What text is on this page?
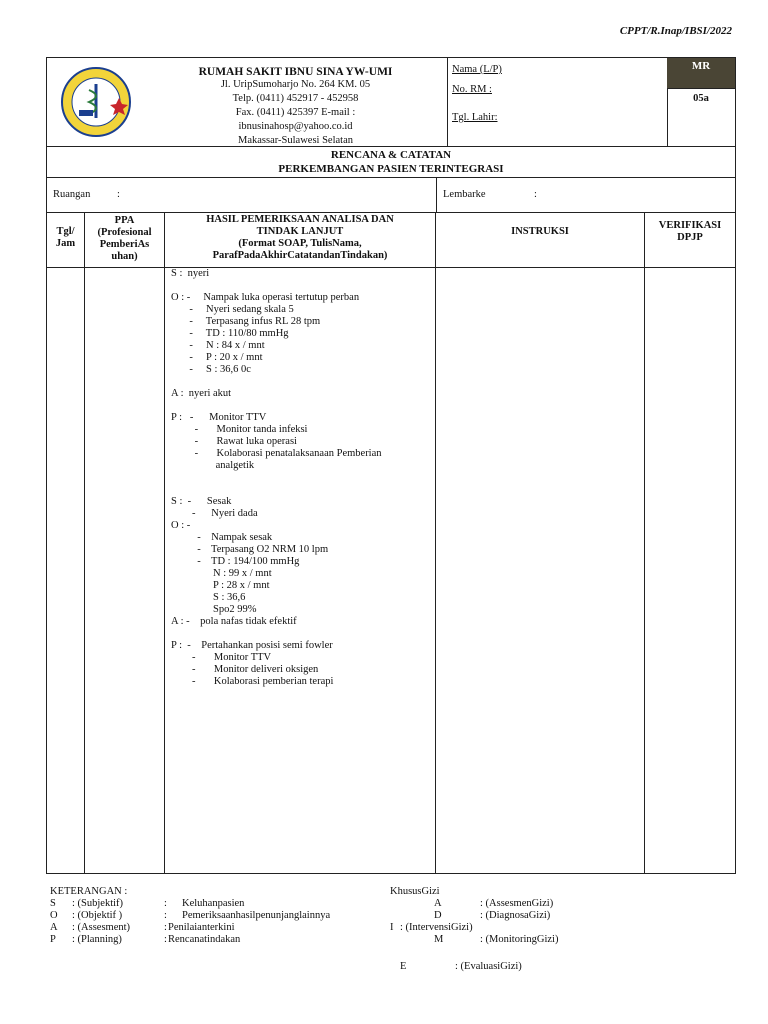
CPPT/R.Inap/IBSI/2022
RUMAH SAKIT IBNU SINA YW-UMI
Jl. UripSumoharjo No. 264 KM. 05
Telp. (0411) 452917 - 452958
Fax. (0411) 425397 E-mail :
ibnusinahosp@yahoo.co.id
Makassar-Sulawesi Selatan
Nama (L/P)
No. RM :
Tgl. Lahir:
MR
05a
RENCANA & CATATAN
PERKEMBANGAN PASIEN TERINTEGRASI
Ruangan	:	Lembarke	:
Tgl/
Jam
PPA
(Profesional
PemberiAs
uhan)
HASIL PEMERIKSAAN ANALISA DAN
TINDAK LANJUT
(Format SOAP, TulisNama,
ParafPadaAkhirCatatandanTindakan)
INSTRUKSI
VERIFIKASI
DPJP
S :  nyeri
O : -     Nampak luka operasi tertutup perban
-     Nyeri sedang skala 5
-     Terpasang infus RL 28 tpm
-     TD : 110/80 mmHg
-     N : 84 x / mnt
-     P : 20 x / mnt
-     S : 36,6 0c
A :  nyeri akut
P :   -      Monitor TTV
-       Monitor tanda infeksi
-       Rawat luka operasi
-       Kolaborasi penatalaksanaan Pemberian
analgetik
S :  -      Sesak
-      Nyeri dada
O : -
-    Nampak sesak
-    Terpasang O2 NRM 10 lpm
-    TD : 194/100 mmHg
N : 99 x / mnt
P : 28 x / mnt
S : 36,6
Spo2 99%
A : -    pola nafas tidak efektif
P :  -    Pertahankan posisi semi fowler
-       Monitor TTV
-       Monitor deliveri oksigen
-       Kolaborasi pemberian terapi
KETERANGAN :
S : (Subjektif)	: Keluhanpasien
O : (Objektif )	: Pemeriksaanhasilpenunjanglainnya
A : (Assesment)	: Penilaianterkini
P : (Planning)	: Rencanatindakan
KhususGizi
A	: (AssesmenGizi)
D	: (DiagnosaGizi)
I : (IntervensiGizi)
M	: (MonitoringGizi)
E	: (EvaluasiGizi)
